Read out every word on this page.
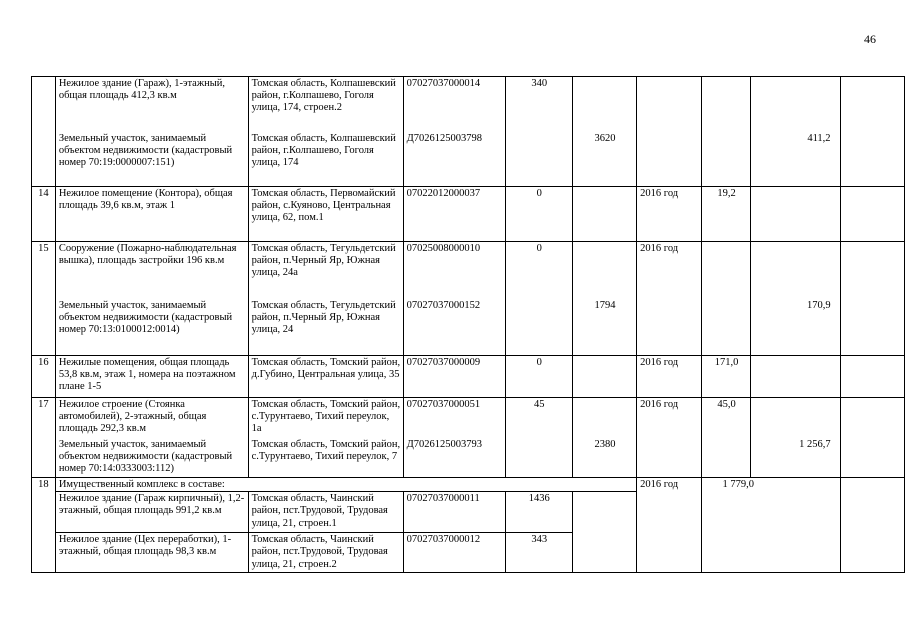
46
	Нежилое здание (Гараж), 1-этажный, общая площадь 412,3 кв.м	Томская область, Колпашевский район, г.Колпашево, Гоголя улица, 174, строен.2	07027037000014	340					
	Земельный участок, занимаемый объектом недвижимости (кадастровый номер 70:19:0000007:151)	Томская область, Колпашевский район, г.Колпашево, Гоголя улица, 174	Д7026125003798		3620			411,2	
14	Нежилое помещение (Контора), общая площадь 39,6 кв.м, этаж 1	Томская область, Первомайский район, с.Куяново, Центральная улица, 62, пом.1	07022012000037	0		2016 год	19,2		
15	Сооружение (Пожарно-наблюдательная вышка), площадь застройки 196 кв.м	Томская область, Тегульдетский район, п.Черный Яр, Южная улица, 24а	07025008000010	0		2016 год			
	Земельный участок, занимаемый объектом недвижимости (кадастровый номер 70:13:0100012:0014)	Томская область, Тегульдетский район, п.Черный Яр, Южная улица, 24	07027037000152		1794			170,9	
16	Нежилые помещения, общая площадь 53,8 кв.м, этаж 1, номера на поэтажном плане 1-5	Томская область, Томский район, д.Губино, Центральная улица, 35	07027037000009	0		2016 год	171,0		
17	Нежилое строение (Стоянка автомобилей), 2-этажный, общая площадь 292,3 кв.м	Томская область, Томский район, с.Турунтаево, Тихий переулок, 1а	07027037000051	45		2016 год	45,0		
	Земельный участок, занимаемый объектом недвижимости (кадастровый номер 70:14:0333003:112)	Томская область, Томский район, с.Турунтаево, Тихий переулок, 7	Д7026125003793		2380			1 256,7	
18	Имущественный комплекс в составе:					2016 год	1 779,0		
	Нежилое здание (Гараж кирпичный), 1,2-этажный, общая площадь 991,2 кв.м	Томская область, Чаинский район, пст.Трудовой, Трудовая улица, 21, строен.1	07027037000011	1436					
	Нежилое здание (Цех переработки), 1-этажный, общая площадь 98,3 кв.м	Томская область, Чаинский район, пст.Трудовой, Трудовая улица, 21, строен.2	07027037000012	343					
